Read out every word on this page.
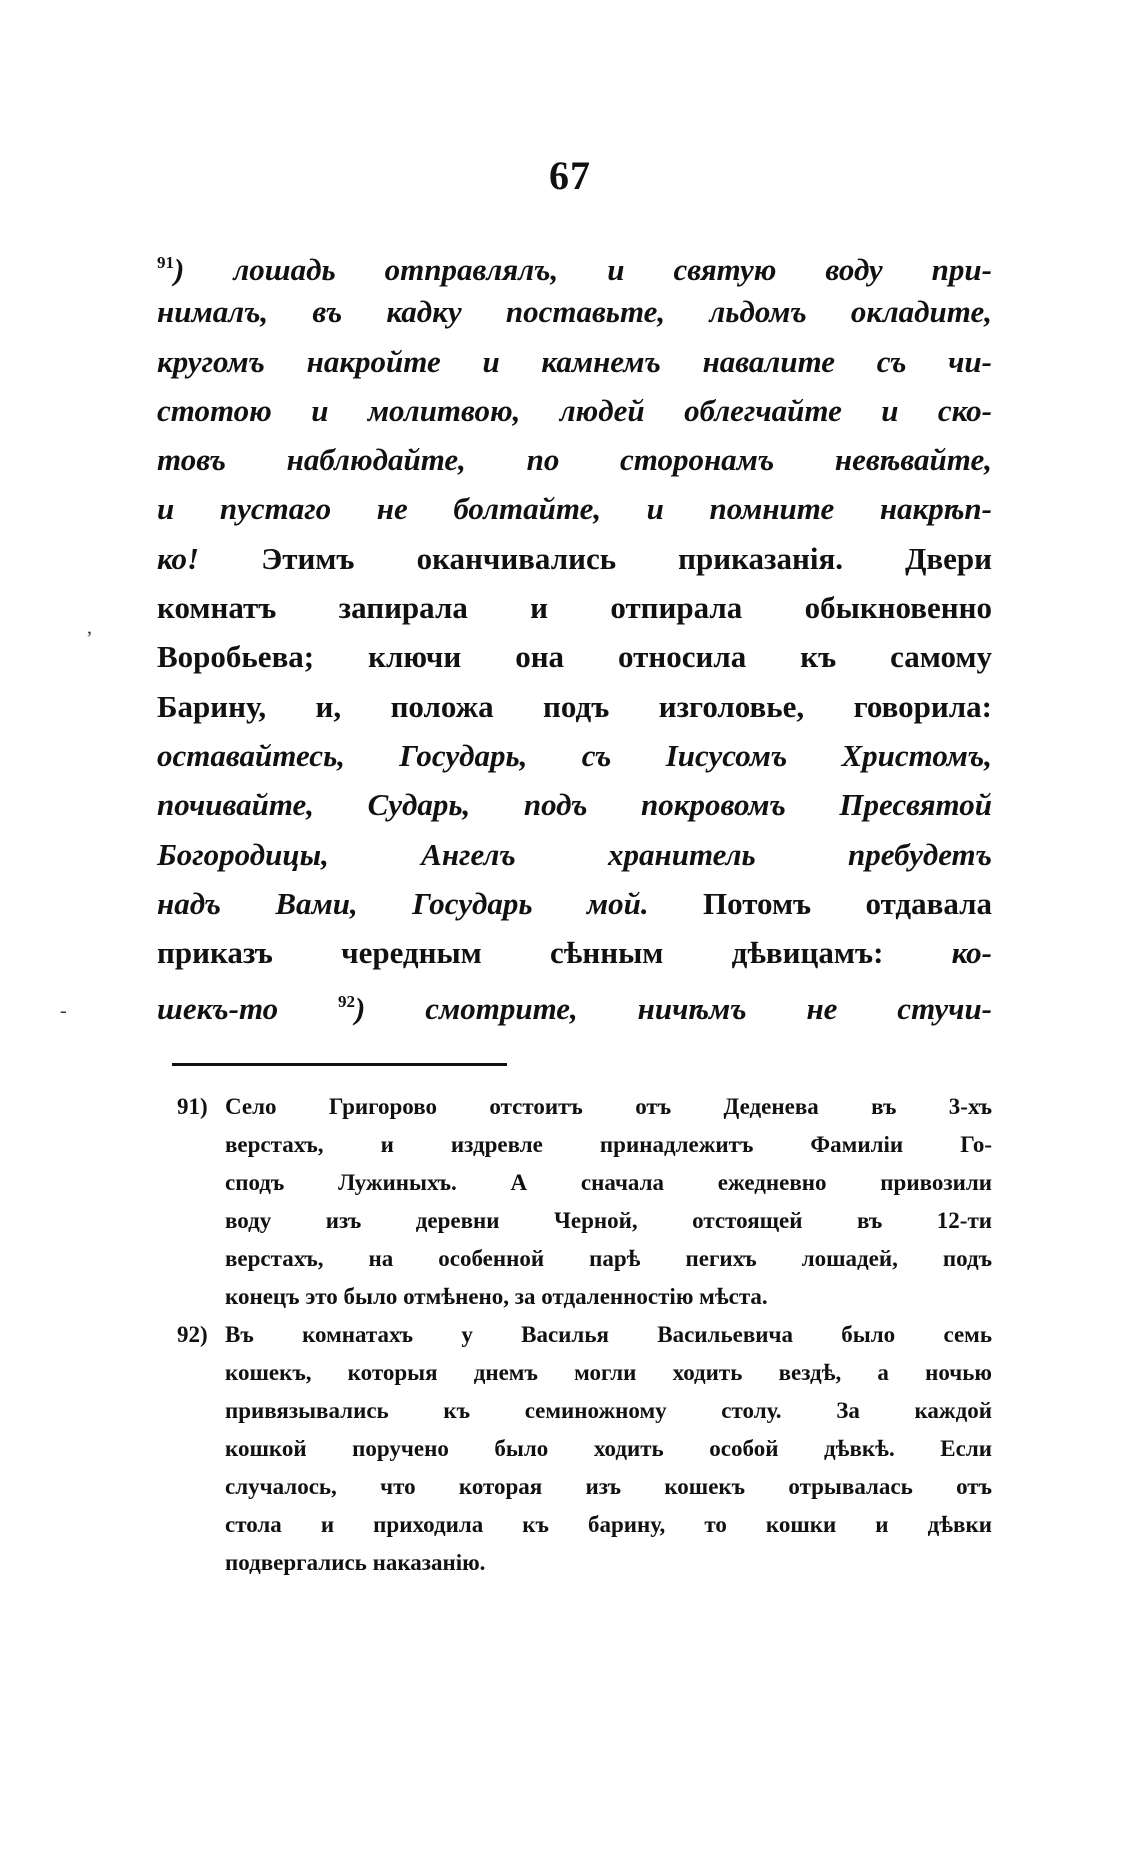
67
$^{91}$) лошадь отправлялъ, и святую воду при-
нималъ, въ кадку поставьте, льдомъ окладите,
кругомъ накройте и камнемъ навалите съ чи-
стотою и молитвою, людей облегчайте и ско-
товъ наблюдайте, по сторонамъ невѣвайте,
и пустаго не болтайте, и помните накрѣп-
ко! Этимъ оканчивались приказанія. Двери
комнатъ запирала и отпирала обыкновенно
Воробьева; ключи она относила къ самому
Барину, и, положа подъ изголовье, говорила:
оставайтесь, Государь, съ Іисусомъ Христомъ,
почивайте, Сударь, подъ покровомъ Пресвятой
Богородицы, Ангелъ хранитель пребудетъ
надъ Вами, Государь мой. Потомъ отдавала
приказъ чередным сѣнным дѣвицамъ: ко-
шекъ-то	$^{92}$) смотрите, ничѣмъ не стучи-
91) Село Григорово отстоитъ отъ Деденева въ 3-хъ
верстахъ, и издревле принадлежитъ Фамиліи Го-
сподъ Лужиныхъ. А сначала ежедневно привозили
воду изъ деревни Черной, отстоящей въ 12-ти
верстахъ, на особенной парѣ пегихъ лошадей, подъ
конецъ это было отмѣнено, за отдаленностію мѣста.
92) Въ комнатахъ у Василья Васильевича было семь
кошекъ, которыя днемъ могли ходить вездѣ, а ночью
привязывались къ семиножному столу. За каждой
кошкой поручено было ходить особой дѣвкѣ. Если
случалось, что которая изъ кошекъ отрывалась отъ
стола и приходила къ барину, то кошки и дѣвки
подвергались наказанію.
ʼ
-
